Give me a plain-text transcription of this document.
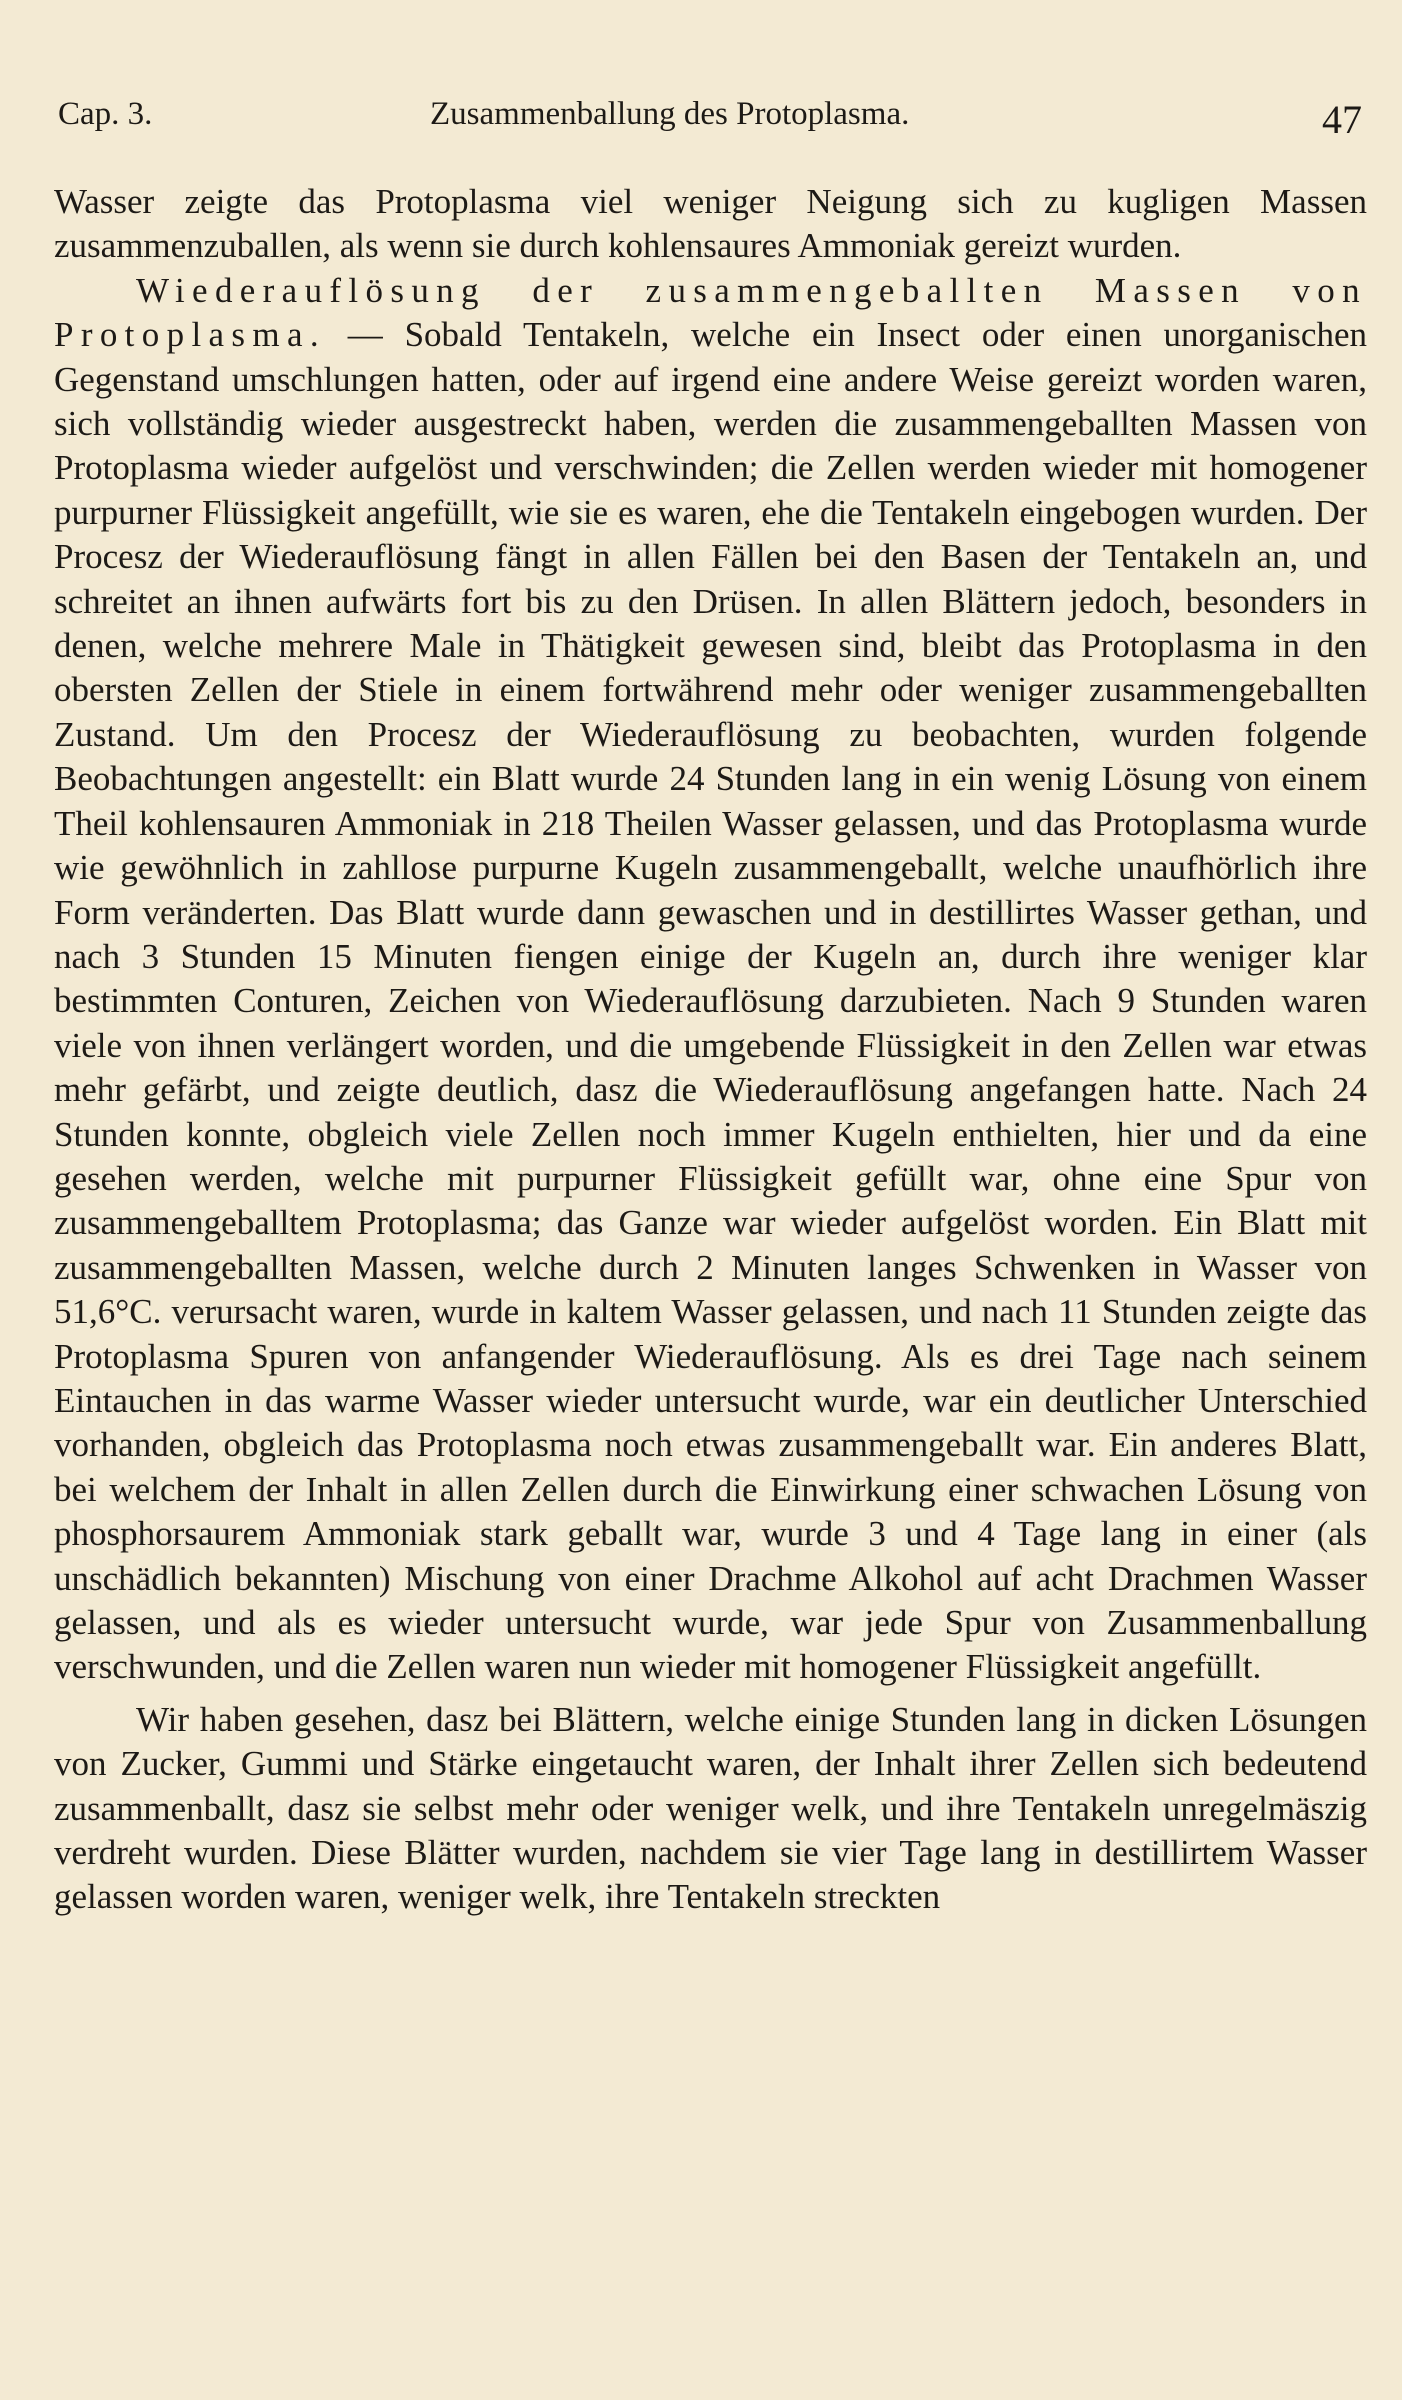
Cap. 3.	Zusammenballung des Protoplasma.	47

Wasser zeigte das Protoplasma viel weniger Neigung sich zu kugligen Massen zusammenzuballen, als wenn sie durch kohlensaures Ammoniak gereizt wurden.

Wiederauflösung der zusammengeballten Massen von Protoplasma. — Sobald Tentakeln, welche ein Insect oder einen unorganischen Gegenstand umschlungen hatten, oder auf irgend eine andere Weise gereizt worden waren, sich vollständig wieder ausgestreckt haben, werden die zusammengeballten Massen von Protoplasma wieder aufgelöst und verschwinden; die Zellen werden wieder mit homogener purpurner Flüssigkeit angefüllt, wie sie es waren, ehe die Tentakeln eingebogen wurden. Der Procesz der Wiederauflösung fängt in allen Fällen bei den Basen der Tentakeln an, und schreitet an ihnen aufwärts fort bis zu den Drüsen. In allen Blättern jedoch, besonders in denen, welche mehrere Male in Thätigkeit gewesen sind, bleibt das Protoplasma in den obersten Zellen der Stiele in einem fortwährend mehr oder weniger zusammengeballten Zustand. Um den Procesz der Wiederauflösung zu beobachten, wurden folgende Beobachtungen angestellt: ein Blatt wurde 24 Stunden lang in ein wenig Lösung von einem Theil kohlensauren Ammoniak in 218 Theilen Wasser gelassen, und das Protoplasma wurde wie gewöhnlich in zahllose purpurne Kugeln zusammengeballt, welche unaufhörlich ihre Form veränderten. Das Blatt wurde dann gewaschen und in destillirtes Wasser gethan, und nach 3 Stunden 15 Minuten fiengen einige der Kugeln an, durch ihre weniger klar bestimmten Conturen, Zeichen von Wiederauflösung darzubieten. Nach 9 Stunden waren viele von ihnen verlängert worden, und die umgebende Flüssigkeit in den Zellen war etwas mehr gefärbt, und zeigte deutlich, dasz die Wiederauflösung angefangen hatte. Nach 24 Stunden konnte, obgleich viele Zellen noch immer Kugeln enthielten, hier und da eine gesehen werden, welche mit purpurner Flüssigkeit gefüllt war, ohne eine Spur von zusammengeballtem Protoplasma; das Ganze war wieder aufgelöst worden. Ein Blatt mit zusammengeballten Massen, welche durch 2 Minuten langes Schwenken in Wasser von 51,6°C. verursacht waren, wurde in kaltem Wasser gelassen, und nach 11 Stunden zeigte das Protoplasma Spuren von anfangender Wiederauflösung. Als es drei Tage nach seinem Eintauchen in das warme Wasser wieder untersucht wurde, war ein deutlicher Unterschied vorhanden, obgleich das Protoplasma noch etwas zusammengeballt war. Ein anderes Blatt, bei welchem der Inhalt in allen Zellen durch die Einwirkung einer schwachen Lösung von phosphorsaurem Ammoniak stark geballt war, wurde 3 und 4 Tage lang in einer (als unschädlich bekannten) Mischung von einer Drachme Alkohol auf acht Drachmen Wasser gelassen, und als es wieder untersucht wurde, war jede Spur von Zusammenballung verschwunden, und die Zellen waren nun wieder mit homogener Flüssigkeit angefüllt.

Wir haben gesehen, dasz bei Blättern, welche einige Stunden lang in dicken Lösungen von Zucker, Gummi und Stärke eingetaucht waren, der Inhalt ihrer Zellen sich bedeutend zusammenballt, dasz sie selbst mehr oder weniger welk, und ihre Tentakeln unregelmäszig verdreht wurden. Diese Blätter wurden, nachdem sie vier Tage lang in destillirtem Wasser gelassen worden waren, weniger welk, ihre Tentakeln streckten
